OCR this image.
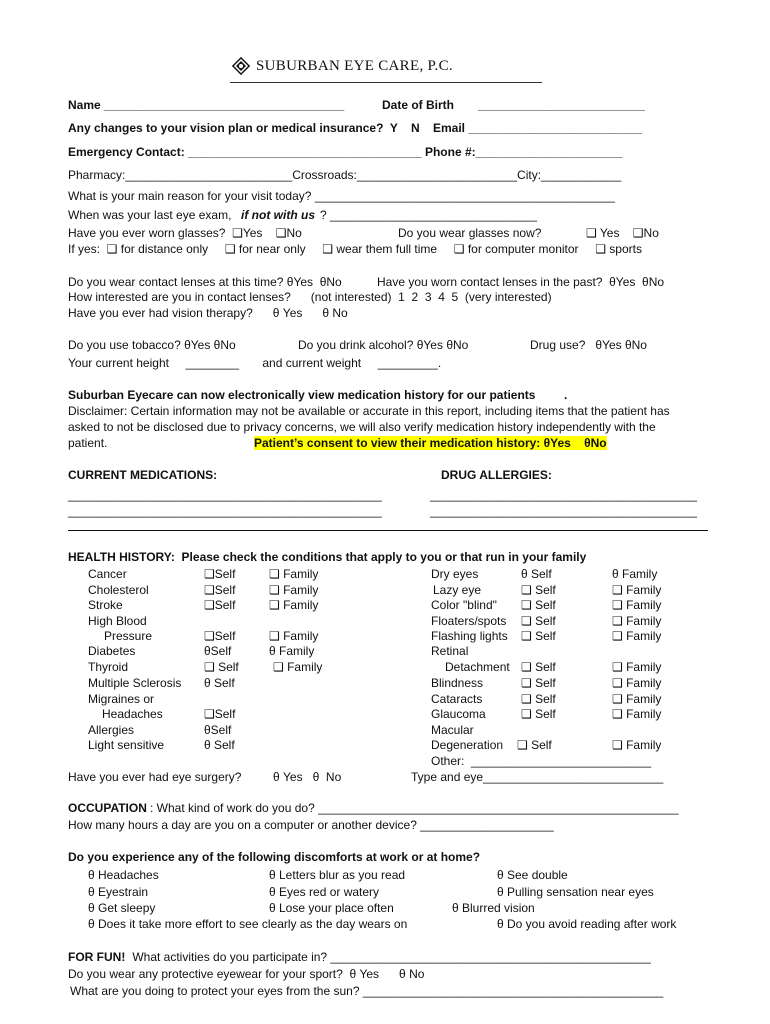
SUBURBAN EYE CARE, P.C.
Name ____________________________________	Date of Birth _________________________
Any changes to your vision plan or medical insurance?  Y    N    Email __________________________
Emergency Contact: ___________________________________ Phone #:______________________
Pharmacy:_________________________Crossroads:________________________City:____________
What is your main reason for your visit today? _____________________________________________
When was your last eye exam, if not with us ? _______________________________
Have you ever worn glasses?  ❑Yes    ❑No	Do you wear glasses now?	❑ Yes    ❑No
If yes:  ❑ for distance only     ❑ for near only     ❑ wear them full time     ❑ for computer monitor     ❑ sports
Do you wear contact lenses at this time? θYes  θNo	Have you worn contact lenses in the past?  θYes  θNo
How interested are you in contact lenses?      (not interested)  1  2  3  4  5  (very interested)
Have you ever had vision therapy?      θ Yes      θ No
Do you use tobacco? θYes θNo	Do you drink alcohol? θYes θNo	Drug use?   θYes θNo
Your current height     ________       and current weight     _________.
Suburban Eyecare can now electronically view medication history for our patients .
Disclaimer: Certain information may not be available or accurate in this report, including items that the patient has
asked to not be disclosed due to privacy concerns, we will also verify medication history independently with the
patient.	Patient’s consent to view their medication history: θYes    θNo
CURRENT MEDICATIONS:	DRUG ALLERGIES:
_______________________________________________
_______________________________________________
________________________________________
________________________________________
HEALTH HISTORY:  Please check the conditions that apply to you or that run in your family
Cancer	❑Self	❑ Family
Cholesterol	❑Self	❑ Family
Stroke	❑Self	❑ Family
High Blood
Pressure	❑Self	❑ Family
Diabetes	θSelf	θ Family
Thyroid	❑ Self	❑ Family
Multiple Sclerosis θ Self
Migraines or
Headaches	❑Self
Allergies	θSelf
Light sensitive	θ Self
Dry eyes	θ Self	θ Family
Lazy eye	❑ Self	❑ Family
Color "blind" ❑ Self	❑ Family
Floaters/spots ❑ Self	❑ Family
Flashing lights ❑ Self	❑ Family
Retinal
Detachment ❑ Self	❑ Family
Blindness	❑ Self	❑ Family
Cataracts	❑ Self	❑ Family
Glaucoma	❑ Self	❑ Family
Macular
Degeneration ❑ Self	❑ Family
Other:  ___________________________
Have you ever had eye surgery?	θ Yes   θ  No	Type and eye___________________________
OCCUPATION : What kind of work do you do? ______________________________________________________
How many hours a day are you on a computer or another device? ____________________
Do you experience any of the following discomforts at work or at home?
θ Headaches	θ Letters blur as you read	θ See double
θ Eyestrain	θ Eyes red or watery	θ Pulling sensation near eyes
θ Get sleepy	θ Lose your place often	θ Blurred vision
θ Does it take more effort to see clearly as the day wears on	θ Do you avoid reading after work
FOR FUN! What activities do you participate in? ________________________________________________
Do you wear any protective eyewear for your sport?  θ Yes      θ No
What are you doing to protect your eyes from the sun? _____________________________________________
